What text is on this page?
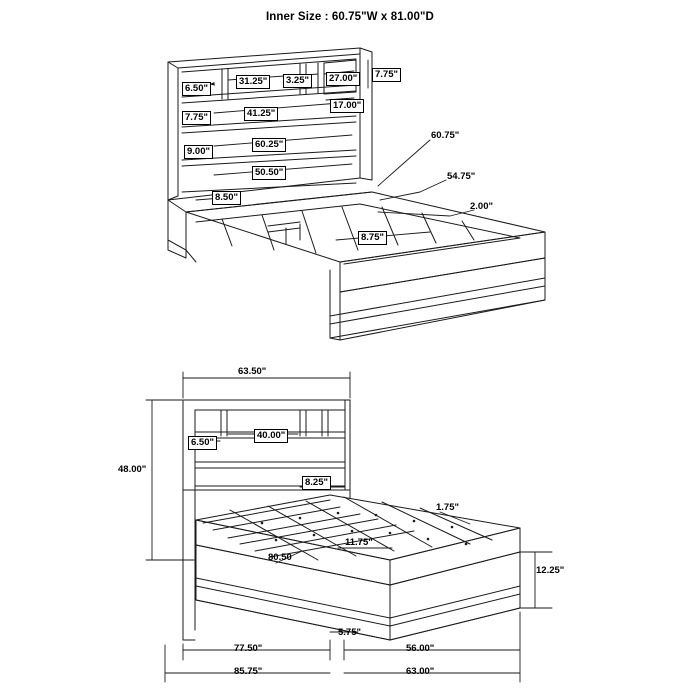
Inner Size : 60.75"W x 81.00"D
6.50"
31.25"	3.25"	27.00"	7.75"
17.00"
7.75"	41.25"
9.00"
60.25"
50.50"
8.50"
8.75"
60.75"
54.75"
2.00"
63.50"
40.00"
6.50"
48.00"
8.25"
1.75"
11.75"
80.50
12.25"
5.75"
77.50"	56.00"
85.75"	63.00"
